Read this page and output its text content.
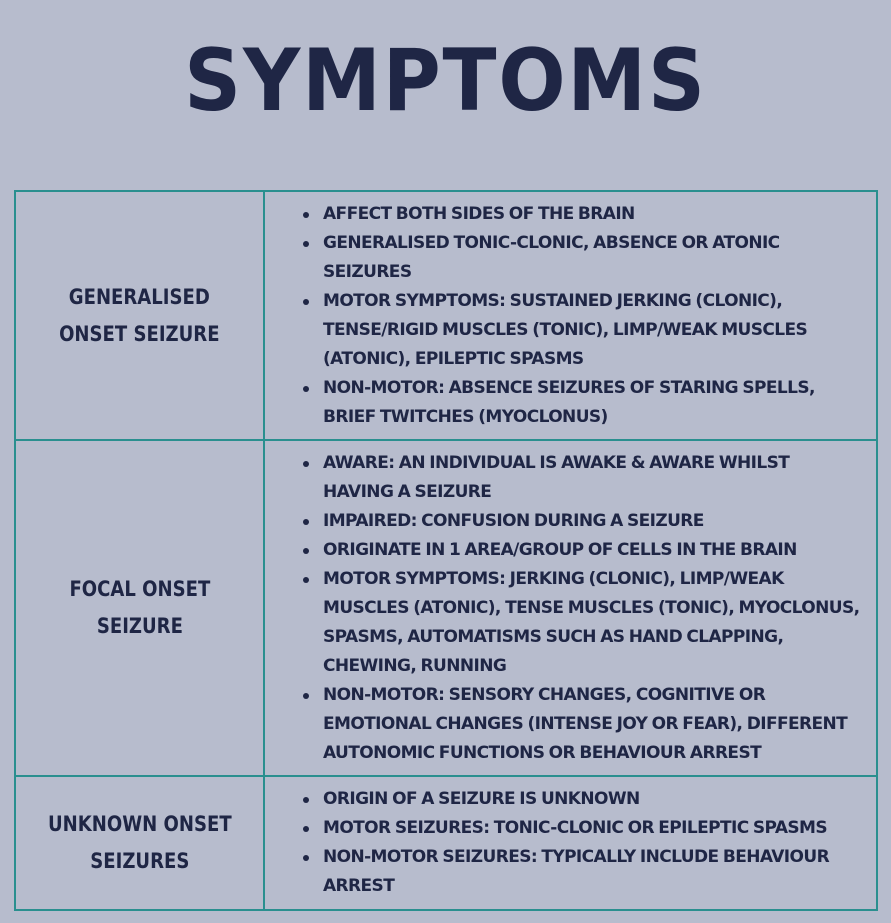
SYMPTOMS
GENERALISED
ONSET SEIZURE
AFFECT BOTH SIDES OF THE BRAIN
GENERALISED TONIC-CLONIC, ABSENCE OR ATONIC SEIZURES
MOTOR SYMPTOMS: SUSTAINED JERKING (CLONIC), TENSE/RIGID MUSCLES (TONIC), LIMP/WEAK MUSCLES (ATONIC), EPILEPTIC SPASMS
NON-MOTOR: ABSENCE SEIZURES OF STARING SPELLS, BRIEF TWITCHES (MYOCLONUS)
FOCAL ONSET
SEIZURE
AWARE: AN INDIVIDUAL IS AWAKE & AWARE WHILST HAVING A SEIZURE
IMPAIRED: CONFUSION DURING A SEIZURE
ORIGINATE IN 1 AREA/GROUP OF CELLS IN THE BRAIN
MOTOR SYMPTOMS: JERKING (CLONIC), LIMP/WEAK MUSCLES (ATONIC), TENSE MUSCLES (TONIC), MYOCLONUS, SPASMS, AUTOMATISMS SUCH AS HAND CLAPPING, CHEWING, RUNNING
NON-MOTOR: SENSORY CHANGES, COGNITIVE OR EMOTIONAL CHANGES (INTENSE JOY OR FEAR), DIFFERENT AUTONOMIC FUNCTIONS OR BEHAVIOUR ARREST
UNKNOWN ONSET
SEIZURES
ORIGIN OF A SEIZURE IS UNKNOWN
MOTOR SEIZURES: TONIC-CLONIC OR EPILEPTIC SPASMS
NON-MOTOR SEIZURES: TYPICALLY INCLUDE BEHAVIOUR ARREST
